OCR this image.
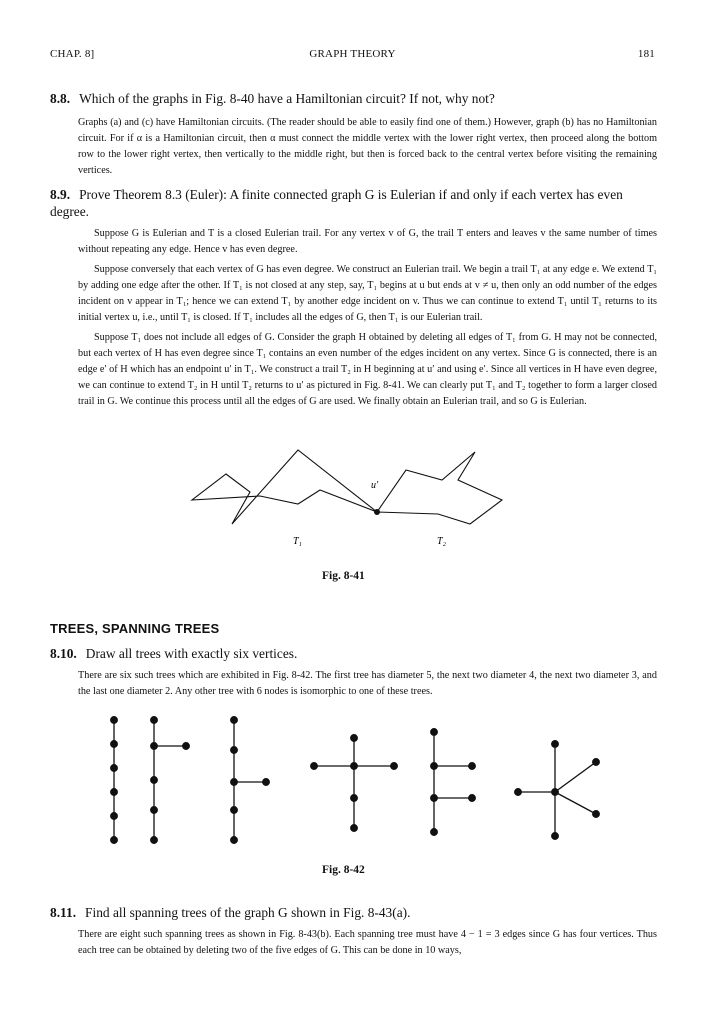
CHAP. 8]	GRAPH THEORY	181
8.8. Which of the graphs in Fig. 8-40 have a Hamiltonian circuit? If not, why not?

Graphs (a) and (c) have Hamiltonian circuits. (The reader should be able to easily find one of them.) However, graph (b) has no Hamiltonian circuit. For if α is a Hamiltonian circuit, then α must connect the middle vertex with the lower right vertex, then proceed along the bottom row to the lower right vertex, then vertically to the middle right, but then is forced back to the central vertex before visiting the remaining vertices.

8.9. Prove Theorem 8.3 (Euler): A finite connected graph G is Eulerian if and only if each vertex has even degree.

Suppose G is Eulerian and T is a closed Eulerian trail. For any vertex v of G, the trail T enters and leaves v the same number of times without repeating any edge. Hence v has even degree.

Suppose conversely that each vertex of G has even degree. We construct an Eulerian trail. We begin a trail T₁ at any edge e. We extend T₁ by adding one edge after the other. If T₁ is not closed at any step, say, T₁ begins at u but ends at v ≠ u, then only an odd number of the edges incident on v appear in T₁; hence we can extend T₁ by another edge incident on v. Thus we can continue to extend T₁ until T₁ returns to its initial vertex u, i.e., until T₁ is closed. If T₁ includes all the edges of G, then T₁ is our Eulerian trail.

Suppose T₁ does not include all edges of G. Consider the graph H obtained by deleting all edges of T₁ from G. H may not be connected, but each vertex of H has even degree since T₁ contains an even number of the edges incident on any vertex. Since G is connected, there is an edge e′ of H which has an endpoint u′ in T₁. We construct a trail T₂ in H beginning at u′ and using e′. Since all vertices in H have even degree, we can continue to extend T₂ in H until T₂ returns to u′ as pictured in Fig. 8-41. We can clearly put T₁ and T₂ together to form a larger closed trail in G. We continue this process until all the edges of G are used. We finally obtain an Eulerian trail, and so G is Eulerian.

u′
T₁	T₂
Fig. 8-41
TREES, SPANNING TREES
8.10. Draw all trees with exactly six vertices.

There are six such trees which are exhibited in Fig. 8-42. The first tree has diameter 5, the next two diameter 4, the next two diameter 3, and the last one diameter 2. Any other tree with 6 nodes is isomorphic to one of these trees.

Fig. 8-42
8.11. Find all spanning trees of the graph G shown in Fig. 8-43(a).

There are eight such spanning trees as shown in Fig. 8-43(b). Each spanning tree must have 4 − 1 = 3 edges since G has four vertices. Thus each tree can be obtained by deleting two of the five edges of G. This can be done in 10 ways,
